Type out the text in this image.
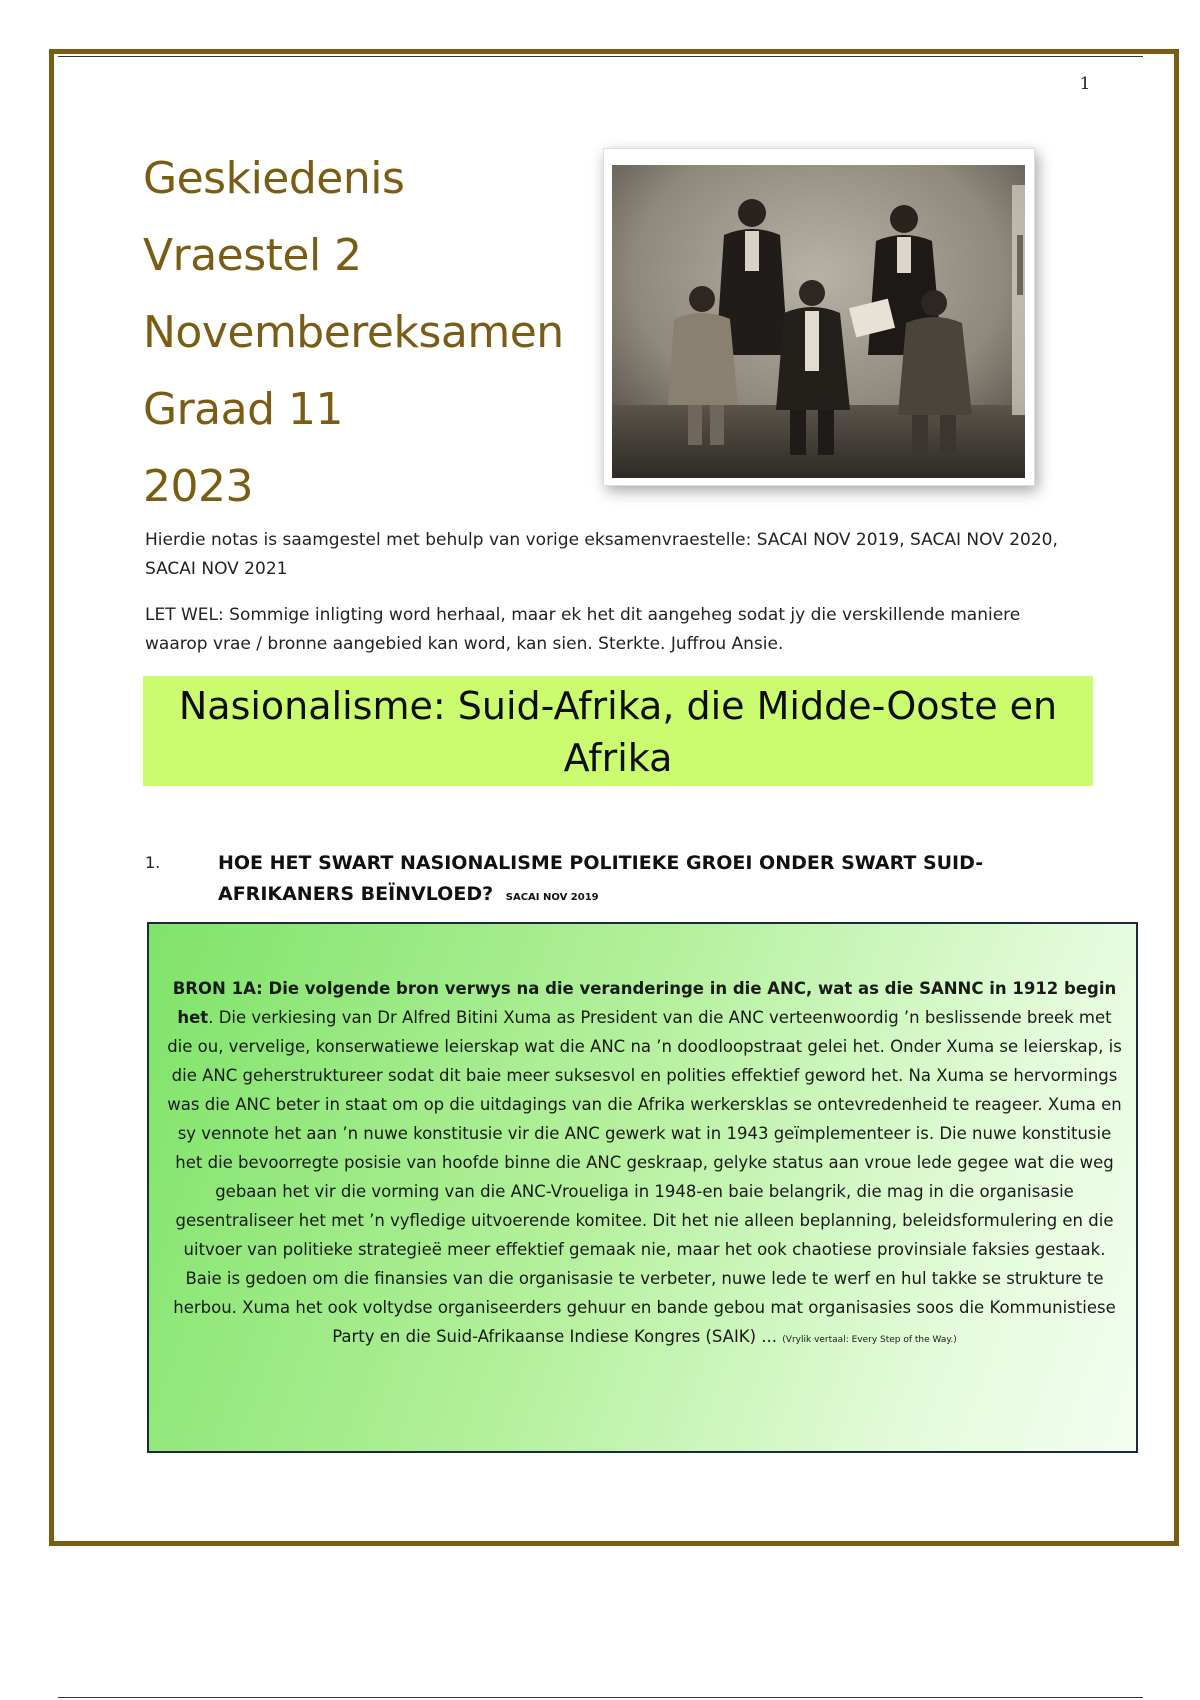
1
Geskiedenis
Vraestel 2
Novembereksamen
Graad 11
2023
Hierdie notas is saamgestel met behulp van vorige eksamenvraestelle: SACAI NOV 2019, SACAI NOV 2020, SACAI NOV 2021
LET WEL: Sommige inligting word herhaal, maar ek het dit aangeheg sodat jy die verskillende maniere waarop vrae / bronne aangebied kan word, kan sien. Sterkte. Juffrou Ansie.
Nasionalisme: Suid-Afrika, die Midde-Ooste en Afrika
1.	HOE HET SWART NASIONALISME POLITIEKE GROEI ONDER SWART SUID-AFRIKANERS BEÏNVLOED? SACAI NOV 2019
BRON 1A: Die volgende bron verwys na die veranderinge in die ANC, wat as die SANNC in 1912 begin het. Die verkiesing van Dr Alfred Bitini Xuma as President van die ANC verteenwoordig ’n beslissende breek met die ou, vervelige, konserwatiewe leierskap wat die ANC na ’n doodloopstraat gelei het. Onder Xuma se leierskap, is die ANC geherstruktureer sodat dit baie meer suksesvol en polities effektief geword het. Na Xuma se hervormings was die ANC beter in staat om op die uitdagings van die Afrika werkersklas se ontevredenheid te reageer. Xuma en sy vennote het aan ’n nuwe konstitusie vir die ANC gewerk wat in 1943 geïmplementeer is. Die nuwe konstitusie het die bevoorregte posisie van hoofde binne die ANC geskraap, gelyke status aan vroue lede gegee wat die weg gebaan het vir die vorming van die ANC-Vroueliga in 1948-en baie belangrik, die mag in die organisasie gesentraliseer het met ’n vyfledige uitvoerende komitee. Dit het nie alleen beplanning, beleidsformulering en die uitvoer van politieke strategieë meer effektief gemaak nie, maar het ook chaotiese provinsiale faksies gestaak. Baie is gedoen om die finansies van die organisasie te verbeter, nuwe lede te werf en hul takke se strukture te herbou. Xuma het ook voltydse organiseerders gehuur en bande gebou mat organisasies soos die Kommunistiese Party en die Suid-Afrikaanse Indiese Kongres (SAIK) ... (Vrylik vertaal: Every Step of the Way.)
